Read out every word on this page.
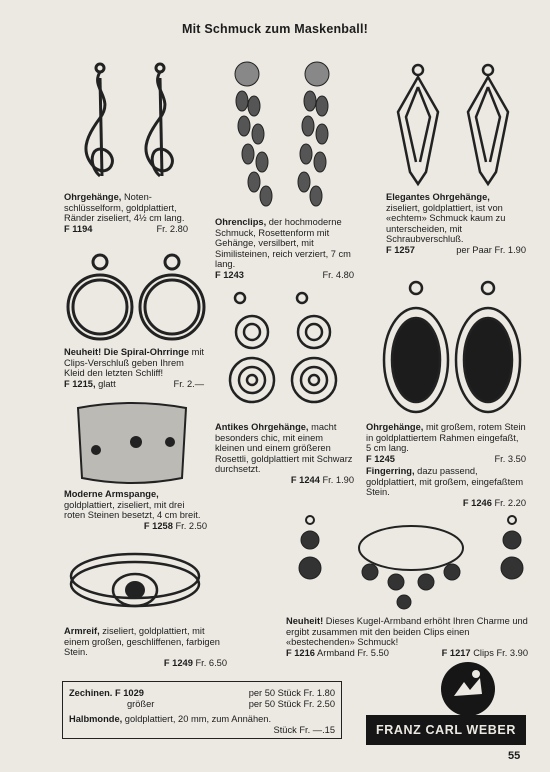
Mit Schmuck zum Maskenball!
Ohrgehänge, Noten-schlüsselform, goldplattiert, Ränder ziseliert, 4½ cm lang.
F 1194	Fr. 2.80
Ohrenclips, der hochmoderne Schmuck, Rosettenform mit Gehänge, versilbert, mit Similisteinen, reich verziert, 7 cm lang.
F 1243	Fr. 4.80
Elegantes Ohrgehänge, ziseliert, goldplattiert, ist von «echtem» Schmuck kaum zu unterscheiden, mit Schraubverschluß.
F 1257	per Paar Fr. 1.90
Neuheit! Die Spiral-Ohrringe mit Clips-Verschluß geben Ihrem Kleid den letzten Schliff!
F 1215, glatt	Fr. 2.—
Antikes Ohrgehänge, macht besonders chic, mit einem kleinen und einem größeren Rosettli, goldplattiert mit Schwarz durchsetzt.
F 1244 Fr. 1.90
Ohrgehänge, mit großem, rotem Stein in goldplattiertem Rahmen eingefaßt, 5 cm lang.
F 1245	Fr. 3.50
Fingerring, dazu passend, goldplattiert, mit großem, eingefaßtem Stein.
F 1246 Fr. 2.20
Moderne Armspange, goldplattiert, ziseliert, mit drei roten Steinen besetzt, 4 cm breit.
F 1258 Fr. 2.50
Armreif, ziseliert, goldplattiert, mit einem großen, geschliffenen, farbigen Stein.
F 1249 Fr. 6.50
Neuheit! Dieses Kugel-Armband erhöht Ihren Charme und ergibt zusammen mit den beiden Clips einen «bestechenden» Schmuck!
F 1216 Armband Fr. 5.50	F 1217 Clips Fr. 3.90
Zechinen. F 1029	per 50 Stück Fr. 1.80
größer	per 50 Stück Fr. 2.50
Halbmonde, goldplattiert, 20 mm, zum Annähen.
Stück Fr. —.15	FRANZ CARL WEBER
55
